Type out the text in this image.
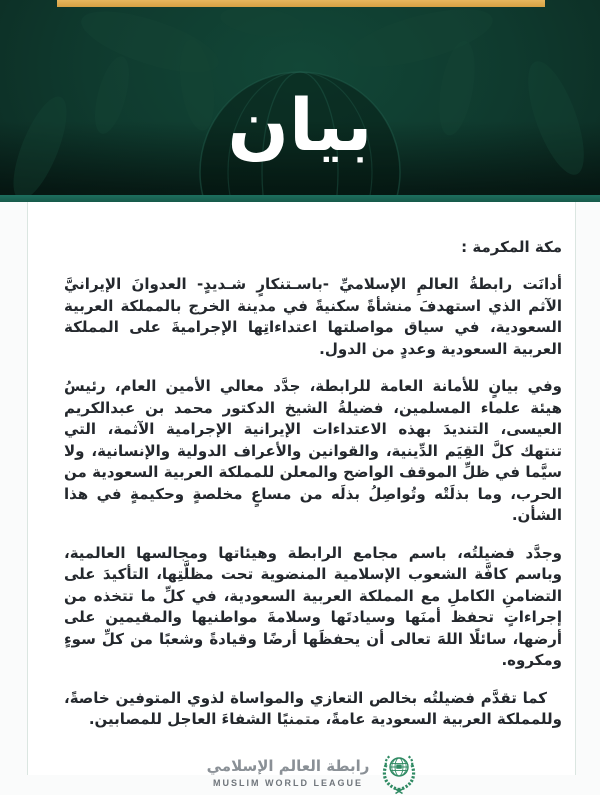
بيان
مكة المكرمة :

أدانَت رابطةُ العالمِ الإسلاميِّ -باسـتنكارٍ شـديدٍ- العدوانَ الإيرانيَّ الآثم الذي استهدفَ منشأةً سكنيةً في مدينة الخرج بالمملكة العربية السعودية، في سياق مواصلتها اعتداءاتِها الإجراميةَ على المملكة العربية السعودية وعددٍ من الدول.

وفي بيانٍ للأمانة العامة للرابطة، جدَّد معالي الأمين العام، رئيسُ هيئة علماء المسلمين، فضيلةُ الشيخ الدكتور محمد بن عبدالكريم العيسى، التنديدَ بهذه الاعتداءات الإيرانية الإجرامية الآثمة، التي تنتهك كلَّ القِيَم الدِّينية، والقوانين والأعراف الدولية والإنسانية، ولا سيَّما في ظلِّ الموقف الواضح والمعلن للمملكة العربية السعودية من الحرب، وما بذلَتْه وتُواصِلُ بذلَه من مساعٍ مخلصةٍ وحكيمةٍ في هذا الشأن.

وجدَّد فضيلتُه، باسم مجامع الرابطة وهيئاتها ومجالسها العالمية، وباسم كافَّة الشعوب الإسلامية المنضوية تحت مظلَّتِها، التأكيدَ على التضامنِ الكاملِ مع المملكة العربية السعودية، في كلِّ ما تتخذه من إجراءاتٍ تحفظ أمنَها وسيادتَها وسلامةَ مواطنيها والمقيمين على أرضها، سائلًا اللهَ تعالى أن يحفظَها أرضًا وقيادةً وشعبًا من كلِّ سوءٍ ومكروه.

كما تقدَّم فضيلتُه بخالص التعازي والمواساة لذوي المتوفين خاصةً، وللمملكة العربية السعودية عامةً، متمنيًا الشفاءَ العاجل للمصابين.

رابطة العالم الإسلامي
MUSLIM WORLD LEAGUE
